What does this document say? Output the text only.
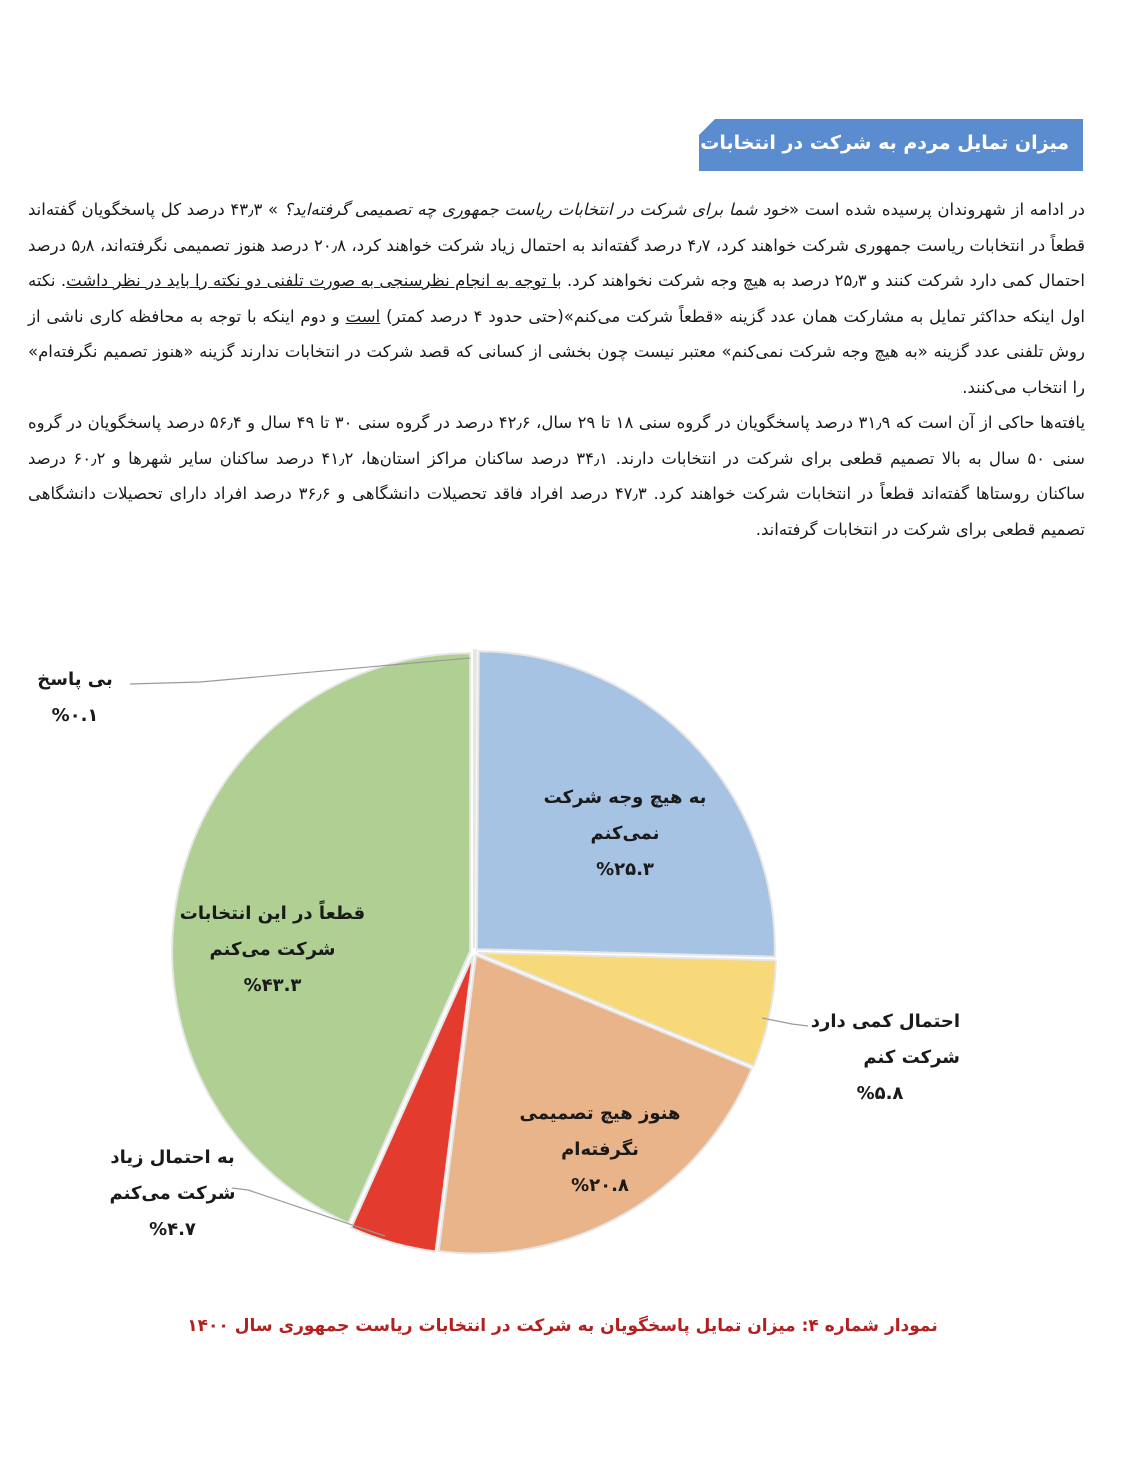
میزان تمایل مردم به شرکت در انتخابات

در ادامه از شهروندان پرسیده شده است «خود شما برای شرکت در انتخابات ریاست جمهوری چه تصمیمی گرفته‌اید؟ » ۴۳٫۳ درصد کل پاسخگویان گفته‌اند قطعاً در انتخابات ریاست جمهوری شرکت خواهند کرد، ۴٫۷ درصد گفته‌اند به احتمال زیاد شرکت خواهند کرد، ۲۰٫۸ درصد هنوز تصمیمی نگرفته‌اند، ۵٫۸ درصد احتمال کمی دارد شرکت کنند و ۲۵٫۳ درصد به هیچ وجه شرکت نخواهند کرد. با توجه به انجام نظرسنجی به صورت تلفنی دو نکته را باید در نظر داشت. نکته اول اینکه حداکثر تمایل به مشارکت همان عدد گزینه «قطعاً شرکت می‌کنم»(حتی حدود ۴ درصد کمتر) است و دوم اینکه با توجه به محافظه کاری ناشی از روش تلفنی عدد گزینه «به هیچ وجه شرکت نمی‌کنم» معتبر نیست چون بخشی از کسانی که قصد شرکت در انتخابات ندارند گزینه «هنوز تصمیم نگرفته‌ام» را انتخاب می‌کنند.

یافته‌ها حاکی از آن است که ۳۱٫۹ درصد پاسخگویان در گروه سنی ۱۸ تا ۲۹ سال، ۴۲٫۶ درصد در گروه سنی ۳۰ تا ۴۹ سال و ۵۶٫۴ درصد پاسخگویان در گروه سنی ۵۰ سال به بالا تصمیم قطعی برای شرکت در انتخابات دارند. ۳۴٫۱ درصد ساکنان مراکز استان‌ها، ۴۱٫۲ درصد ساکنان سایر شهرها و ۶۰٫۲ درصد ساکنان روستاها گفته‌اند قطعاً در انتخابات شرکت خواهند کرد. ۴۷٫۳ درصد افراد فاقد تحصیلات دانشگاهی و ۳۶٫۶ درصد افراد دارای تحصیلات دانشگاهی تصمیم قطعی برای شرکت در انتخابات گرفته‌اند.

بی پاسخ
%۰.۱
به هیچ وجه شرکت
نمی‌کنم
%۲۵.۳
احتمال کمی دارد
شرکت کنم
%۵.۸
هنوز هیچ تصمیمی
نگرفته‌ام
%۲۰.۸
به احتمال زیاد
شرکت می‌کنم
%۴.۷
قطعاً در این انتخابات
شرکت می‌کنم
%۴۳.۳
نمودار شماره ۴: میزان تمایل پاسخگویان به شرکت در انتخابات ریاست جمهوری سال ۱۴۰۰
